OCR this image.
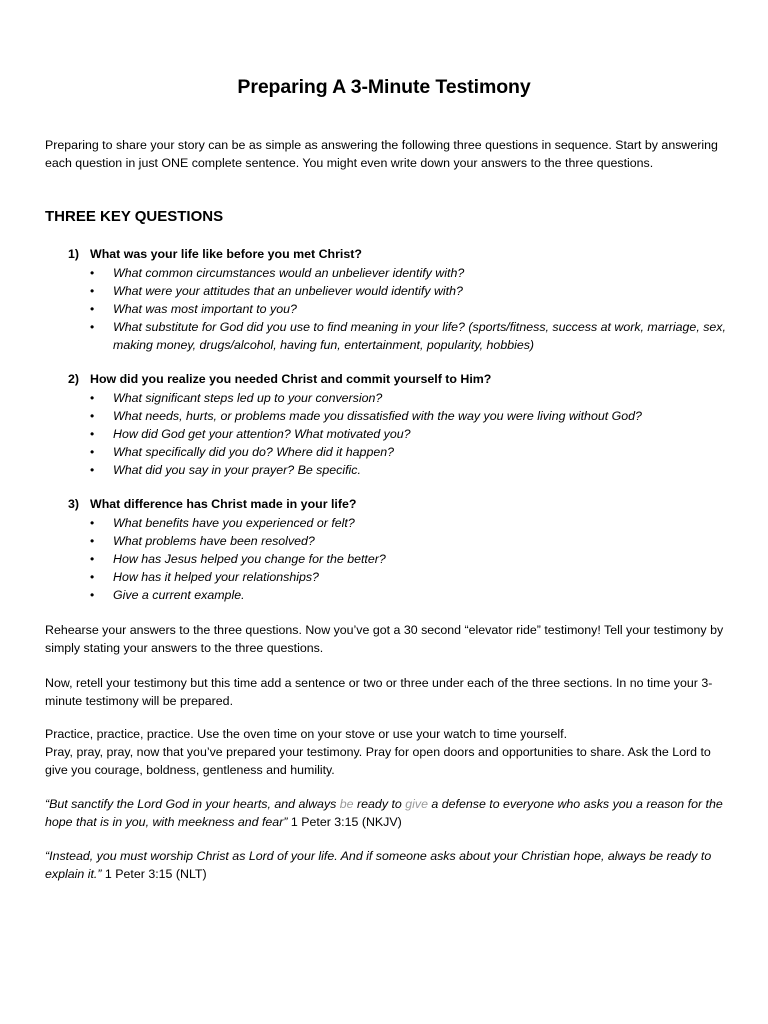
Preparing A 3-Minute Testimony
Preparing to share your story can be as simple as answering the following three questions in sequence. Start by answering each question in just ONE complete sentence. You might even write down your answers to the three questions.
THREE KEY QUESTIONS
1) What was your life like before you met Christ?
• What common circumstances would an unbeliever identify with?
• What were your attitudes that an unbeliever would identify with?
• What was most important to you?
• What substitute for God did you use to find meaning in your life? (sports/fitness, success at work, marriage, sex, making money, drugs/alcohol, having fun, entertainment, popularity, hobbies)
2) How did you realize you needed Christ and commit yourself to Him?
• What significant steps led up to your conversion?
• What needs, hurts, or problems made you dissatisfied with the way you were living without God?
• How did God get your attention? What motivated you?
• What specifically did you do? Where did it happen?
• What did you say in your prayer? Be specific.
3) What difference has Christ made in your life?
• What benefits have you experienced or felt?
• What problems have been resolved?
• How has Jesus helped you change for the better?
• How has it helped your relationships?
• Give a current example.
Rehearse your answers to the three questions. Now you’ve got a 30 second “elevator ride” testimony! Tell your testimony by simply stating your answers to the three questions.
Now, retell your testimony but this time add a sentence or two or three under each of the three sections. In no time your 3-minute testimony will be prepared.
Practice, practice, practice. Use the oven time on your stove or use your watch to time yourself.
Pray, pray, pray, now that you’ve prepared your testimony. Pray for open doors and opportunities to share. Ask the Lord to give you courage, boldness, gentleness and humility.
“But sanctify the Lord God in your hearts, and always be ready to give a defense to everyone who asks you a reason for the hope that is in you, with meekness and fear” 1 Peter 3:15 (NKJV)
“Instead, you must worship Christ as Lord of your life. And if someone asks about your Christian hope, always be ready to explain it.” 1 Peter 3:15 (NLT)
